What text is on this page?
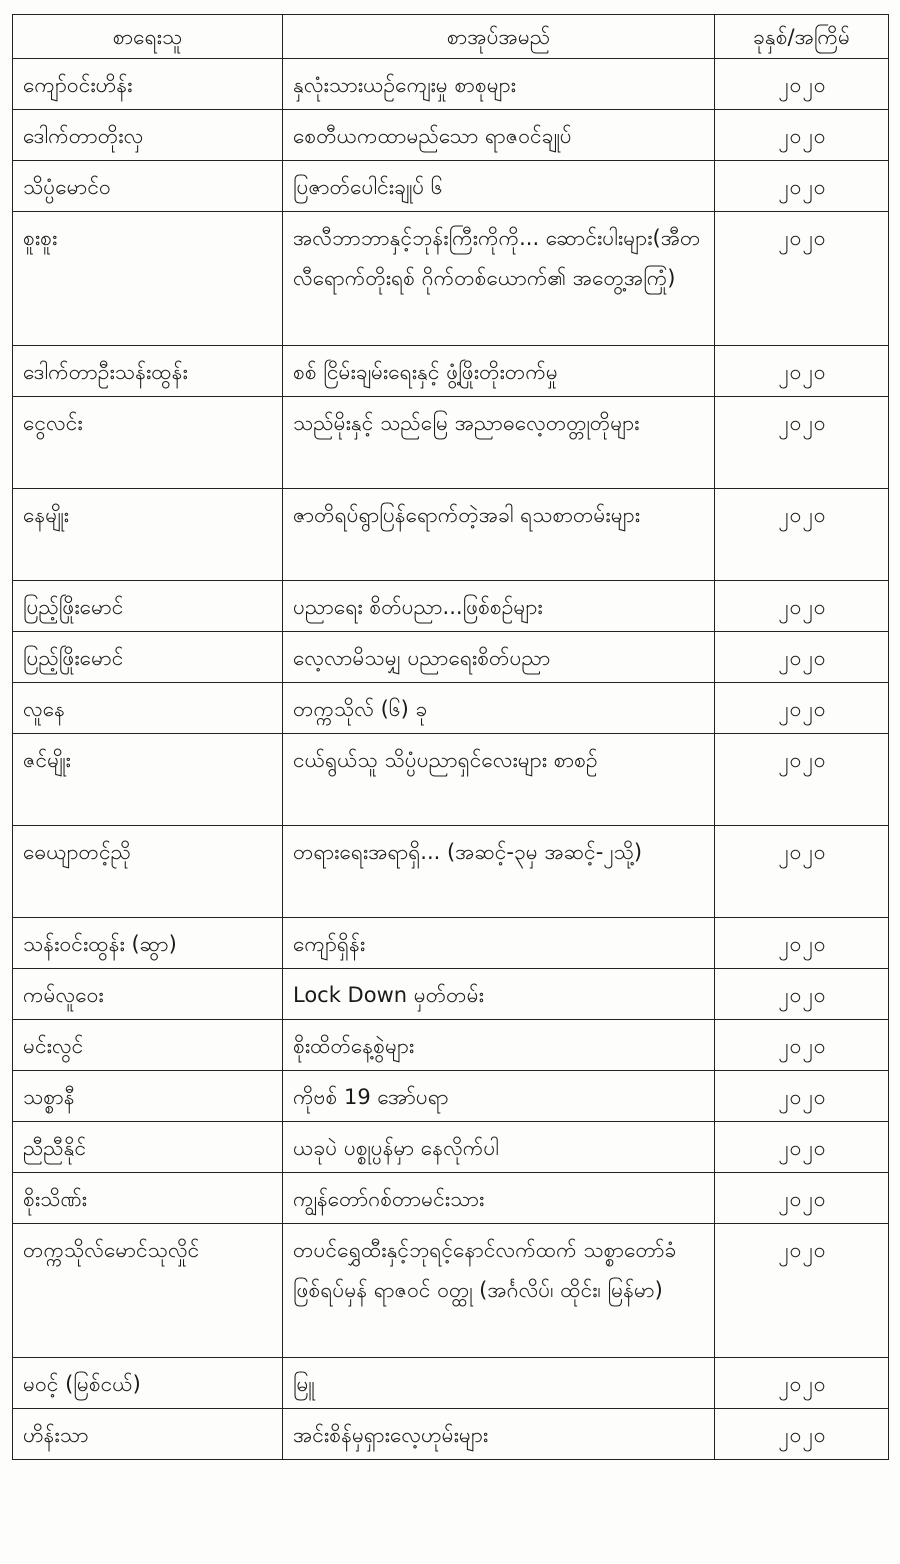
စာရေးသူ	စာအုပ်အမည်	ခုနှစ်/အကြိမ်
ကျော်ဝင်းဟိန်း	နှလုံးသားယဉ်ကျေးမှု စာစုများ	၂၀၂၀
ဒေါက်တာတိုးလှ	စေတီယကထာမည်သော ရာဇဝင်ချုပ်	၂၀၂၀
သိပ္ပံမောင်ဝ	ပြဇာတ်ပေါင်းချုပ် ၆	၂၀၂၀
စူးစူး	အလီဘာဘာနှင့်ဘုန်းကြီးကိုကို... ဆောင်းပါးများ(အီတလီရောက်တိုးရစ် ဂိုက်တစ်ယောက်၏ အတွေ့အကြုံ)	၂၀၂၀
ဒေါက်တာဦးသန်းထွန်း	စစ် ငြိမ်းချမ်းရေးနှင့် ဖွံ့ဖြိုးတိုးတက်မှု	၂၀၂၀
ငွေလင်း	သည်မိုးနှင့် သည်မြေ အညာဓလေ့တတ္တုတိုများ	၂၀၂၀
နေမျိုး	ဇာတိရပ်ရွာပြန်ရောက်တဲ့အခါ ရသစာတမ်းများ	၂၀၂၀
ပြည့်ဖြိုးမောင်	ပညာရေး စိတ်ပညာ...ဖြစ်စဉ်များ	၂၀၂၀
ပြည့်ဖြိုးမောင်	လေ့လာမိသမျှ ပညာရေးစိတ်ပညာ	၂၀၂၀
လူနေ	တက္ကသိုလ် (၆) ခု	၂၀၂၀
ဇင်မျိုး	ငယ်ရွယ်သူ သိပ္ပံပညာရှင်လေးများ စာစဉ်	၂၀၂၀
ဓေယျာတင့်ညို	တရားရေးအရာရှိ... (အဆင့်-၃မှ အဆင့်-၂သို့)	၂၀၂၀
သန်းဝင်းထွန်း (ဆွာ)	ကျော်ရှိန်း	၂၀၂၀
ကမ်လူဝေး	Lock Down မှတ်တမ်း	၂၀၂၀
မင်းလွင်	စိုးထိတ်နေ့စွဲများ	၂၀၂၀
သစ္စာနီ	ကိုဗစ် 19 အော်ပရာ	၂၀၂၀
ညီညီနိုင်	ယခုပဲ ပစ္စုပ္ပန်မှာ နေလိုက်ပါ	၂၀၂၀
စိုးသိဏ်း	ကျွန်တော်ဂစ်တာမင်းသား	၂၀၂၀
တက္ကသိုလ်မောင်သုလှိုင်	တပင်ရွှေထီးနှင့်ဘုရင့်နောင်လက်ထက် သစ္စာတော်ခံ ဖြစ်ရပ်မှန် ရာဇဝင် ဝတ္ထု (အင်္ဂလိပ်၊ ထိုင်း၊ မြန်မာ)	၂၀၂၀
မဝင့် (မြစ်ငယ်)	မြူ	၂၀၂၀
ဟိန်းသာ	အင်းစိန်မှရှားလေ့ဟုမ်းများ	၂၀၂၀
